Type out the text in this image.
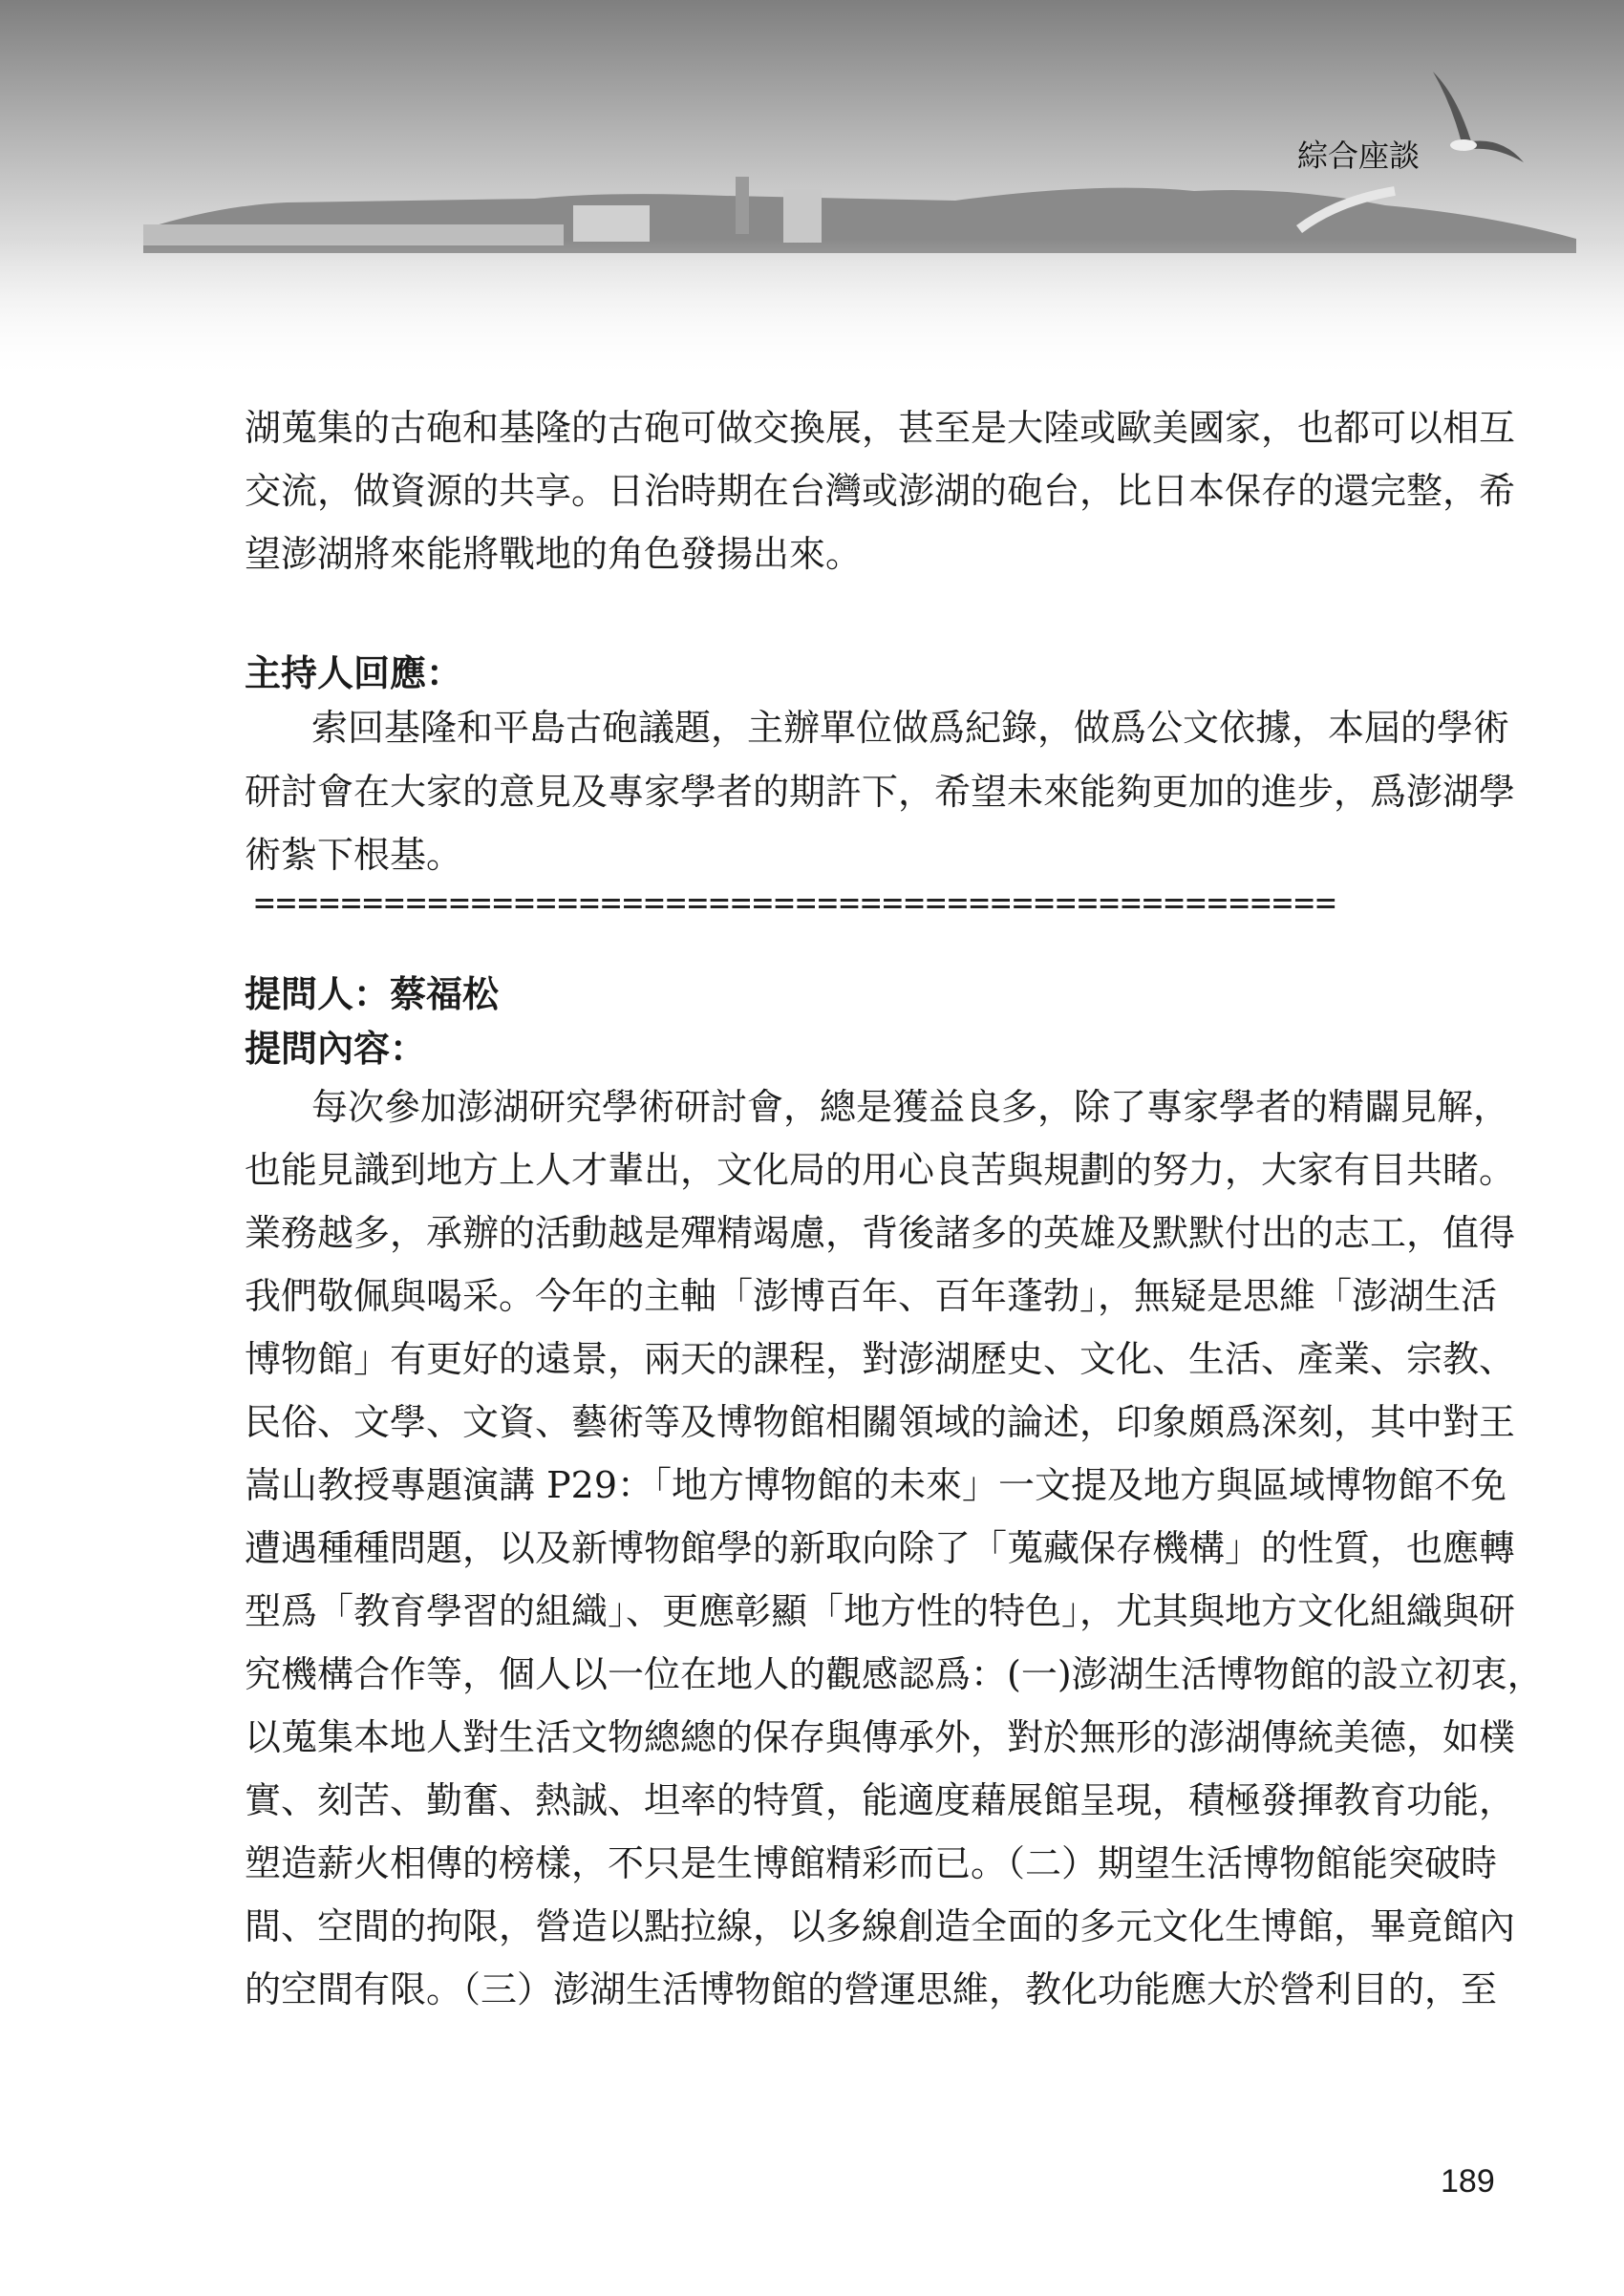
綜合座談
湖蒐集的古砲和基隆的古砲可做交換展，甚至是大陸或歐美國家，也都可以相互
交流，做資源的共享。日治時期在台灣或澎湖的砲台，比日本保存的還完整，希
望澎湖將來能將戰地的角色發揚出來。
索回基隆和平島古砲議題，主辦單位做爲紀錄，做爲公文依據，本屆的學術
研討會在大家的意見及專家學者的期許下，希望未來能夠更加的進步，爲澎湖學
術紮下根基。
每次參加澎湖研究學術研討會，總是獲益良多，除了專家學者的精闢見解，
也能見識到地方上人才輩出，文化局的用心良苦與規劃的努力，大家有目共睹。
業務越多，承辦的活動越是殫精竭慮，背後諸多的英雄及默默付出的志工，值得
我們敬佩與喝采。今年的主軸「澎博百年、百年蓬勃」，無疑是思維「澎湖生活
博物館」有更好的遠景，兩天的課程，對澎湖歷史、文化、生活、產業、宗教、
民俗、文學、文資、藝術等及博物館相關領域的論述，印象頗爲深刻，其中對王
嵩山教授專題演講 P29：「地方博物館的未來」一文提及地方與區域博物館不免
遭遇種種問題，以及新博物館學的新取向除了「蒐藏保存機構」的性質，也應轉
型爲「教育學習的組織」、更應彰顯「地方性的特色」，尤其與地方文化組織與研
究機構合作等，個人以一位在地人的觀感認爲：(一)澎湖生活博物館的設立初衷，
以蒐集本地人對生活文物總總的保存與傳承外，對於無形的澎湖傳統美德，如樸
實、刻苦、勤奮、熱誠、坦率的特質，能適度藉展館呈現，積極發揮教育功能，
塑造薪火相傳的榜樣，不只是生博館精彩而已。（二）期望生活博物館能突破時
間、空間的拘限，營造以點拉線，以多線創造全面的多元文化生博館，畢竟館內
的空間有限。（三）澎湖生活博物館的營運思維，教化功能應大於營利目的，至
主持人回應：
==================================================
提問人：蔡福松
提問內容：
189
